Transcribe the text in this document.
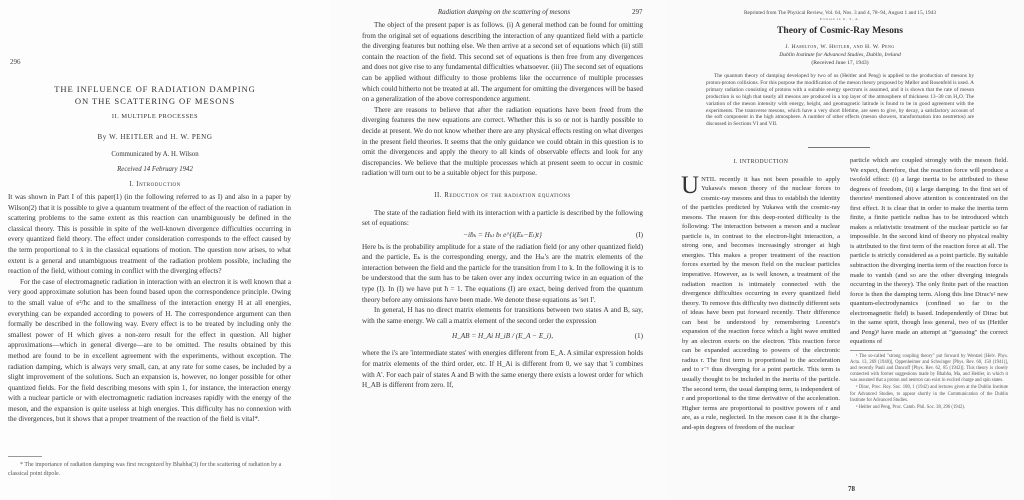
296
THE INFLUENCE OF RADIATION DAMPING
ON THE SCATTERING OF MESONS
II. MULTIPLE PROCESSES
By W. HEITLER and H. W. PENG
Communicated by A. H. Wilson
Received 14 February 1942
I. Introduction

It was shown in Part I of this paper(1) (in the following referred to as I) and also in a paper by Wilson(2) that it is possible to give a quantum treatment of the effect of the reaction of radiation in scattering problems to the same extent as this reaction can unambiguously be defined in the classical theory. This is possible in spite of the well-known divergence difficulties occurring in every quantized field theory. The effect under consideration corresponds to the effect caused by the term proportional to ẍ in the classical equations of motion. The question now arises, to what extent is a general and unambiguous treatment of the radiation problem possible, including the reaction of the field, without coming in conflict with the diverging effects?

For the case of electromagnetic radiation in interaction with an electron it is well known that a very good approximate solution has been found based upon the correspondence principle. Owing to the small value of e²/ħc and to the smallness of the interaction energy H at all energies, everything can be expanded according to powers of H. The correspondence argument can then formally be described in the following way. Every effect is to be treated by including only the smallest power of H which gives a non-zero result for the effect in question. All higher approximations—which in general diverge—are to be omitted. The results obtained by this method are found to be in excellent agreement with the experiments, without exception. The radiation damping, which is always very small, can, at any rate for some cases, be included by a slight improvement of the solutions. Such an expansion is, however, no longer possible for other quantized fields. For the field describing mesons with spin 1, for instance, the interaction energy with a nuclear particle or with electromagnetic radiation increases rapidly with the energy of the meson, and the expansion is quite useless at high energies. This difficulty has no connexion with the divergences, but it shows that a proper treatment of the reaction of the field is vital*.

* The importance of radiation damping was first recognized by Bhabha(3) for the scattering of radiation by a classical point dipole.
Radiation damping on the scattering of mesons	297

The object of the present paper is as follows. (i) A general method can be found for omitting from the original set of equations describing the interaction of any quantized field with a particle the diverging features but nothing else. We then arrive at a second set of equations which (ii) still contain the reaction of the field. This second set of equations is then free from any divergences and does not give rise to any fundamental difficulties whatsoever. (iii) The second set of equations can be applied without difficulty to those problems like the occurrence of multiple processes which could hitherto not be treated at all. The argument for omitting the divergences will be based on a generalization of the above correspondence argument.

There are reasons to believe that after the radiation equations have been freed from the diverging features the new equations are correct. Whether this is so or not is hardly possible to decide at present. We do not know whether there are any physical effects resting on what diverges in the present field theories. It seems that the only guidance we could obtain in this question is to omit the divergences and apply the theory to all kinds of observable effects and look for any discrepancies. We believe that the multiple processes which at present seem to occur in cosmic radiation will turn out to be a suitable object for this purpose.

II. Reduction of the radiation equations

The state of the radiation field with its interaction with a particle is described by the following set of equations:

−iḃₖ = Hₖₗ bₗ e^{i(Eₖ−Eₗ)t}	(I)

Here bₖ is the probability amplitude for a state of the radiation field (or any other quantized field) and the particle, Eₖ is the corresponding energy, and the Hₖₗ's are the matrix elements of the interaction between the field and the particle for the transition from l to k. In the following it is to be understood that the sum has to be taken over any index occurring twice in an equation of the type (I). In (I) we have put ħ = 1. The equations (I) are exact, being derived from the quantum theory before any omissions have been made. We denote these equations as 'set I'.

In general, H has no direct matrix elements for transitions between two states A and B, say, with the same energy. We call a matrix element of the second order the expression

H_AB = H_Ai H_iB / (E_A − E_i),	(1)

where the i's are 'intermediate states' with energies different from E_A. A similar expression holds for matrix elements of the third order, etc. If H_Ai is different from 0, we say that 'i combines with A'. For each pair of states A and B with the same energy there exists a lowest order for which H_AB is different from zero. If,

Reprinted from The Physical Review, Vol. 64, Nos. 3 and 4, 78–94, August 1 and 15, 1943
Printed in U. S. A.
Theory of Cosmic-Ray Mesons
J. Hamilton, W. Heitler, and H. W. Peng
Dublin Institute for Advanced Studies, Dublin, Ireland
(Received June 17, 1943)
The quantum theory of damping developed by two of us (Heitler and Peng) is applied to the production of mesons by proton-proton collisions. For this purpose the modification of the meson theory proposed by Møller and Rosenfeld is used. A primary radiation consisting of protons with a suitable energy spectrum is assumed, and it is shown that the rate of meson production is so high that nearly all mesons are produced in a top layer of the atmosphere of thickness 13–30 cm H₂O. The variation of the meson intensity with energy, height, and geomagnetic latitude is found to be in good agreement with the experiments. The transverse mesons, which have a very short lifetime, are seen to give, by decay, a satisfactory account of the soft component in the high atmosphere. A number of other effects (meson showers, transformation into neutrettos) are discussed in Sections VI and VII.
I. INTRODUCTION

UNTIL recently it has not been possible to apply Yukawa's meson theory of the nuclear forces to cosmic-ray mesons and thus to establish the identity of the particles predicted by Yukawa with the cosmic-ray mesons. The reason for this deep-rooted difficulty is the following: The interaction between a meson and a nuclear particle is, in contrast to the electron-light interaction, a strong one, and becomes increasingly stronger at high energies. This makes a proper treatment of the reaction forces exerted by the meson field on the nuclear particles imperative. However, as is well known, a treatment of the radiation reaction is intimately connected with the divergence difficulties occurring in every quantized field theory. To remove this difficulty two distinctly different sets of ideas have been put forward recently. Their difference can best be understood by remembering Lorentz's expansion of the reaction force which a light wave emitted by an electron exerts on the electron. This reaction force can be expanded according to powers of the electronic radius r. The first term is proportional to the acceleration and to r⁻¹ thus diverging for a point particle. This term is usually thought to be included in the inertia of the particle. The second term, the usual damping term, is independent of r and proportional to the time derivative of the acceleration. Higher terms are proportional to positive powers of r and are, as a rule, neglected. In the meson case it is the charge-and-spin degrees of freedom of the nuclear

particle which are coupled strongly with the meson field. We expect, therefore, that the reaction force will produce a twofold effect: (i) a large inertia to be attributed to these degrees of freedom, (ii) a large damping. In the first set of theories¹ mentioned above attention is concentrated on the first effect. It is clear that in order to make the inertia term finite, a finite particle radius has to be introduced which makes a relativistic treatment of the nuclear particle so far impossible. In the second kind of theory no physical reality is attributed to the first term of the reaction force at all. The particle is strictly considered as a point particle. By suitable subtraction the diverging inertia term of the reaction force is made to vanish (and so are the other diverging integrals occurring in the theory). The only finite part of the reaction force is then the damping term. Along this line Dirac's² new quantum-electrodynamics (confined so far to the electromagnetic field) is based. Independently of Dirac but in the same spirit, though less general, two of us (Heitler and Peng)³ have made an attempt at "guessing" the correct equations of
¹ The so-called "strong coupling theory" put forward by Wentzel [Helv. Phys. Acta. 13, 269 (1940)], Oppenheimer and Schwinger [Phys. Rev. 60, 150 (1941)], and recently Pauli and Dancoff [Phys. Rev. 62, 85 (1942)]. This theory is closely connected with former suggestions made by Bhabha, Ma, and Heitler, in which it was assumed that a proton and neutron can exist in excited charge and spin states.
² Dirac, Proc. Roy. Soc. 180, 1 (1942) and lectures given at the Dublin Institute for Advanced Studies, to appear shortly in the Communication of the Dublin Institute for Advanced Studies.
³ Heitler and Peng, Proc. Camb. Phil. Soc. 38, 296 (1942).
78
